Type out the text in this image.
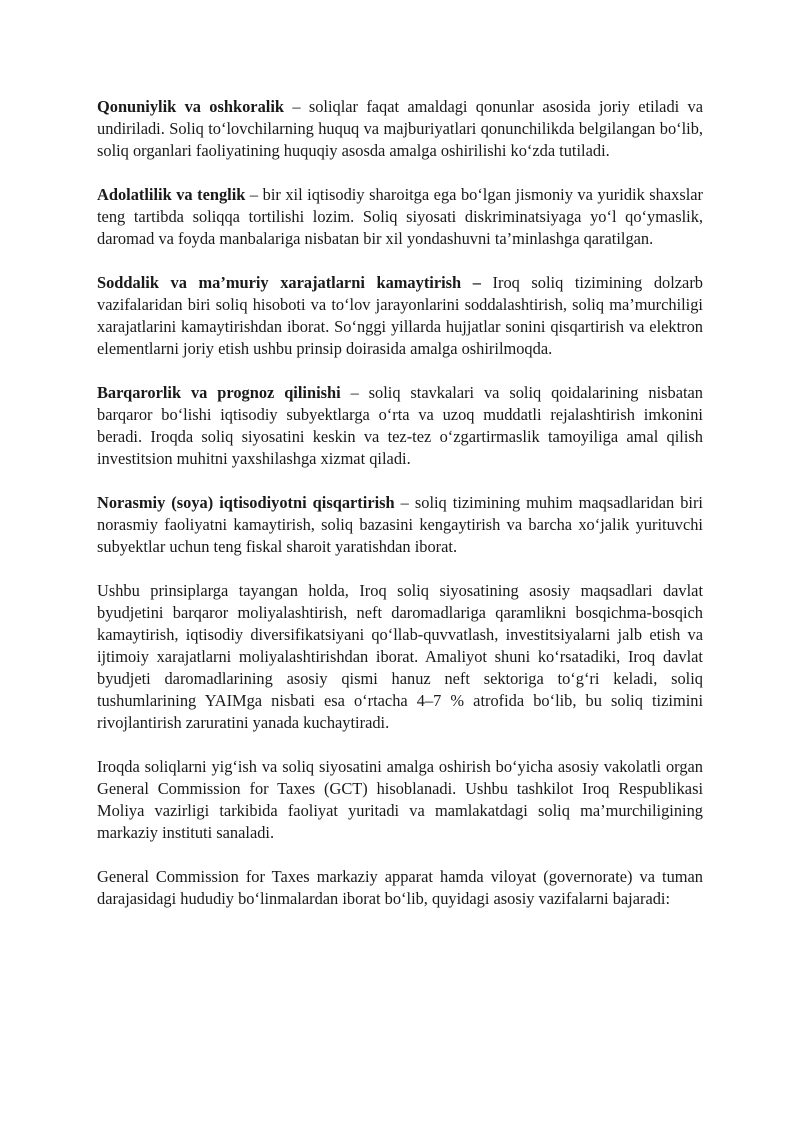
Qonuniylik va oshkoralik – soliqlar faqat amaldagi qonunlar asosida joriy etiladi va undiriladi. Soliq to‘lovchilarning huquq va majburiyatlari qonunchilikda belgilangan bo‘lib, soliq organlari faoliyatining huquqiy asosda amalga oshirilishi ko‘zda tutiladi.

Adolatlilik va tenglik – bir xil iqtisodiy sharoitga ega bo‘lgan jismoniy va yuridik shaxslar teng tartibda soliqqa tortilishi lozim. Soliq siyosati diskriminatsiyaga yo‘l qo‘ymaslik, daromad va foyda manbalariga nisbatan bir xil yondashuvni ta’minlashga qaratilgan.

Soddalik va ma’muriy xarajatlarni kamaytirish – Iroq soliq tizimining dolzarb vazifalaridan biri soliq hisoboti va to‘lov jarayonlarini soddalashtirish, soliq ma’murchiligi xarajatlarini kamaytirishdan iborat. So‘nggi yillarda hujjatlar sonini qisqartirish va elektron elementlarni joriy etish ushbu prinsip doirasida amalga oshirilmoqda.

Barqarorlik va prognoz qilinishi – soliq stavkalari va soliq qoidalarining nisbatan barqaror bo‘lishi iqtisodiy subyektlarga o‘rta va uzoq muddatli rejalashtirish imkonini beradi. Iroqda soliq siyosatini keskin va tez-tez o‘zgartirmaslik tamoyiliga amal qilish investitsion muhitni yaxshilashga xizmat qiladi.

Norasmiy (soya) iqtisodiyotni qisqartirish – soliq tizimining muhim maqsadlaridan biri norasmiy faoliyatni kamaytirish, soliq bazasini kengaytirish va barcha xo‘jalik yurituvchi subyektlar uchun teng fiskal sharoit yaratishdan iborat.

Ushbu prinsiplarga tayangan holda, Iroq soliq siyosatining asosiy maqsadlari davlat byudjetini barqaror moliyalashtirish, neft daromadlariga qaramlikni bosqichma-bosqich kamaytirish, iqtisodiy diversifikatsiyani qo‘llab-quvvatlash, investitsiyalarni jalb etish va ijtimoiy xarajatlarni moliyalashtirishdan iborat. Amaliyot shuni ko‘rsatadiki, Iroq davlat byudjeti daromadlarining asosiy qismi hanuz neft sektoriga to‘g‘ri keladi, soliq tushumlarining YAIMga nisbati esa o‘rtacha 4–7 % atrofida bo‘lib, bu soliq tizimini rivojlantirish zaruratini yanada kuchaytiradi.

Iroqda soliqlarni yig‘ish va soliq siyosatini amalga oshirish bo‘yicha asosiy vakolatli organ General Commission for Taxes (GCT) hisoblanadi. Ushbu tashkilot Iroq Respublikasi Moliya vazirligi tarkibida faoliyat yuritadi va mamlakatdagi soliq ma’murchiligining markaziy instituti sanaladi.

General Commission for Taxes markaziy apparat hamda viloyat (governorate) va tuman darajasidagi hududiy bo‘linmalardan iborat bo‘lib, quyidagi asosiy vazifalarni bajaradi:
